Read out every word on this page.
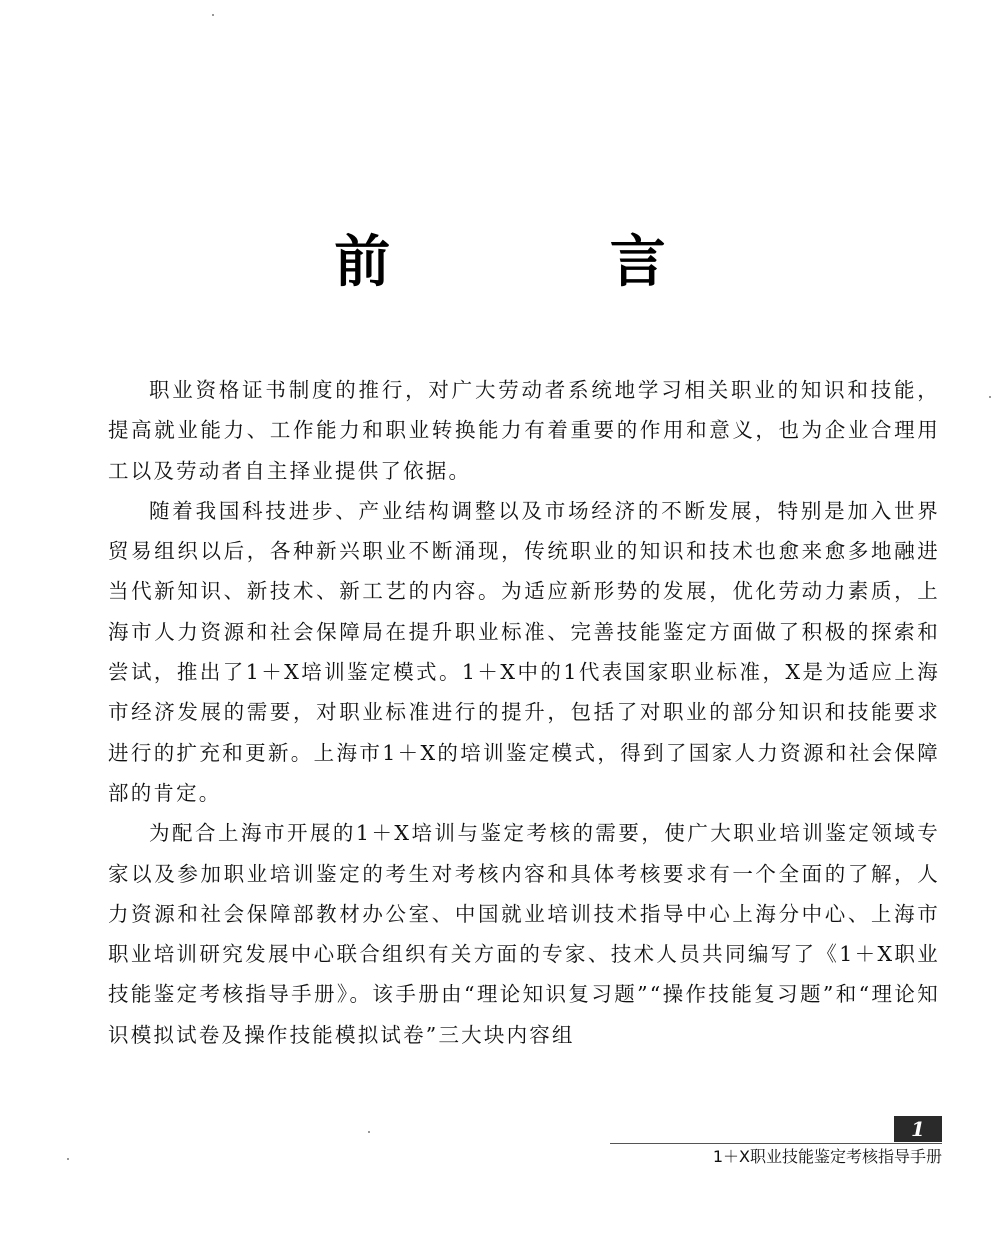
前 言

职业资格证书制度的推行，对广大劳动者系统地学习相关职业的知识和技能，提高就业能力、工作能力和职业转换能力有着重要的作用和意义，也为企业合理用工以及劳动者自主择业提供了依据。

随着我国科技进步、产业结构调整以及市场经济的不断发展，特别是加入世界贸易组织以后，各种新兴职业不断涌现，传统职业的知识和技术也愈来愈多地融进当代新知识、新技术、新工艺的内容。为适应新形势的发展，优化劳动力素质，上海市人力资源和社会保障局在提升职业标准、完善技能鉴定方面做了积极的探索和尝试，推出了1＋X培训鉴定模式。1＋X中的1代表国家职业标准，X是为适应上海市经济发展的需要，对职业标准进行的提升，包括了对职业的部分知识和技能要求进行的扩充和更新。上海市1＋X的培训鉴定模式，得到了国家人力资源和社会保障部的肯定。

为配合上海市开展的1＋X培训与鉴定考核的需要，使广大职业培训鉴定领域专家以及参加职业培训鉴定的考生对考核内容和具体考核要求有一个全面的了解，人力资源和社会保障部教材办公室、中国就业培训技术指导中心上海分中心、上海市职业培训研究发展中心联合组织有关方面的专家、技术人员共同编写了《1＋X职业技能鉴定考核指导手册》。该手册由“理论知识复习题”“操作技能复习题”和“理论知识模拟试卷及操作技能模拟试卷”三大块内容组

1
1＋X职业技能鉴定考核指导手册
